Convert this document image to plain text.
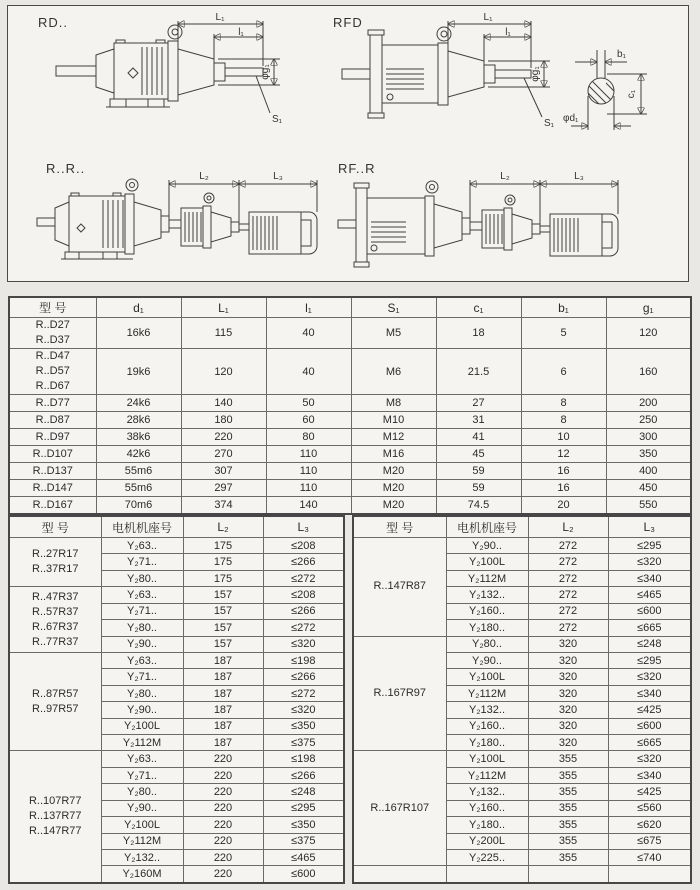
RD..	L₁
l₁
φg₁
S₁
RFD	L₁
l₁
φg₁
S₁
b₁
c₁
φd₁
R..R..
L₂	L₃
RF..R
L₂	L₃
型 号	d₁	L₁	l₁	S₁	c₁	b₁	g₁

R..D27
R..D37	16k6	115	40	M5	18	5	120

R..D47
R..D57
R..D67	19k6	120	40	M6	21.5	6	160

R..D77	24k6	140	50	M8	27	8	200

R..D87	28k6	180	60	M10	31	8	250

R..D97	38k6	220	80	M12	41	10	300

R..D107	42k6	270	110	M16	45	12	350

R..D137	55m6	307	110	M20	59	16	400

R..D147	55m6	297	110	M20	59	16	450

R..D167	70m6	374	140	M20	74.5	20	550
型 号	电机机座号	L₂	L₃

R..27R17
R..37R17	Y₂63..	175	≤208
	Y₂71..	175	≤266
	Y₂80..	175	≤272

R..47R37
R..57R37
R..67R37
R..77R37	Y₂63..	157	≤208
	Y₂71..	157	≤266
	Y₂80..	157	≤272
	Y₂90..	157	≤320

R..87R57
R..97R57	Y₂63..	187	≤198
	Y₂71..	187	≤266
	Y₂80..	187	≤272
	Y₂90..	187	≤320
	Y₂100L	187	≤350
	Y₂112M	187	≤375

R..107R77
R..137R77
R..147R77	Y₂63..	220	≤198
	Y₂71..	220	≤266
	Y₂80..	220	≤248
	Y₂90..	220	≤295
	Y₂100L	220	≤350
	Y₂112M	220	≤375
	Y₂132..	220	≤465
	Y₂160M	220	≤600
型 号	电机机座号	L₂	L₃

R..147R87	Y₂90..	272	≤295
	Y₂100L	272	≤320
	Y₂112M	272	≤340
	Y₂132..	272	≤465
	Y₂160..	272	≤600
	Y₂180..	272	≤665

R..167R97	Y₂80..	320	≤248
	Y₂90..	320	≤295
	Y₂100L	320	≤320
	Y₂112M	320	≤340
	Y₂132..	320	≤425
	Y₂160..	320	≤600
	Y₂180..	320	≤665

R..167R107	Y₂100L	355	≤320
	Y₂112M	355	≤340
	Y₂132..	355	≤425
	Y₂160..	355	≤560
	Y₂180..	355	≤620
	Y₂200L	355	≤675
	Y₂225..	355	≤740
